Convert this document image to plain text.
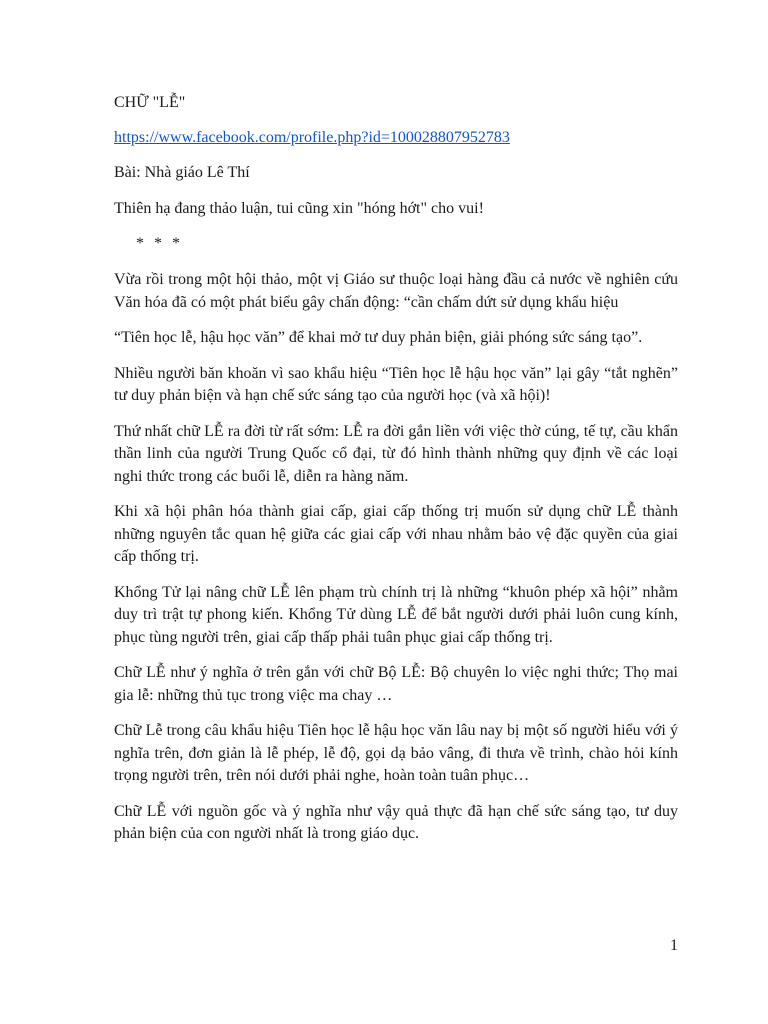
CHỮ "LỄ"

https://www.facebook.com/profile.php?id=100028807952783

Bài: Nhà giáo Lê Thí

Thiên hạ đang thảo luận, tui cũng xin "hóng hớt" cho vui!

* * *

Vừa rồi trong một hội thảo, một vị Giáo sư thuộc loại hàng đầu cả nước về nghiên cứu Văn hóa đã có một phát biểu gây chấn động: “cần chấm dứt sử dụng khẩu hiệu

“Tiên học lễ, hậu học văn” để khai mở tư duy phản biện, giải phóng sức sáng tạo”.

Nhiều người băn khoăn vì sao khẩu hiệu “Tiên học lễ hậu học văn” lại gây “tắt nghẽn” tư duy phản biện và hạn chế sức sáng tạo của người học (và xã hội)!

Thứ nhất chữ LỄ ra đời từ rất sớm: LỄ ra đời gắn liền với việc thờ cúng, tế tự, cầu khẩn thần linh của người Trung Quốc cổ đại, từ đó hình thành những quy định về các loại nghi thức trong các buổi lễ, diễn ra hàng năm.

Khi xã hội phân hóa thành giai cấp, giai cấp thống trị muốn sử dụng chữ LỄ thành những nguyên tắc quan hệ giữa các giai cấp với nhau nhằm bảo vệ đặc quyền của giai cấp thống trị.

Khổng Tử lại nâng chữ LỄ lên phạm trù chính trị là những “khuôn phép xã hội” nhằm duy trì trật tự phong kiến. Khổng Tử dùng LỄ để bắt người dưới phải luôn cung kính, phục tùng người trên, giai cấp thấp phải tuân phục giai cấp thống trị.

Chữ LỄ như ý nghĩa ở trên gắn với chữ Bộ LỄ: Bộ chuyên lo việc nghi thức; Thọ mai gia lễ: những thủ tục trong việc ma chay …

Chữ Lễ trong câu khẩu hiệu Tiên học lễ hậu học văn lâu nay bị một số người hiểu với ý nghĩa trên, đơn giản là lễ phép, lễ độ, gọi dạ bảo vâng, đi thưa về trình, chào hỏi kính trọng người trên, trên nói dưới phải nghe, hoàn toàn tuân phục…

Chữ LỄ với nguồn gốc và ý nghĩa như vậy quả thực đã hạn chế sức sáng tạo, tư duy phản biện của con người nhất là trong giáo dục.

1
